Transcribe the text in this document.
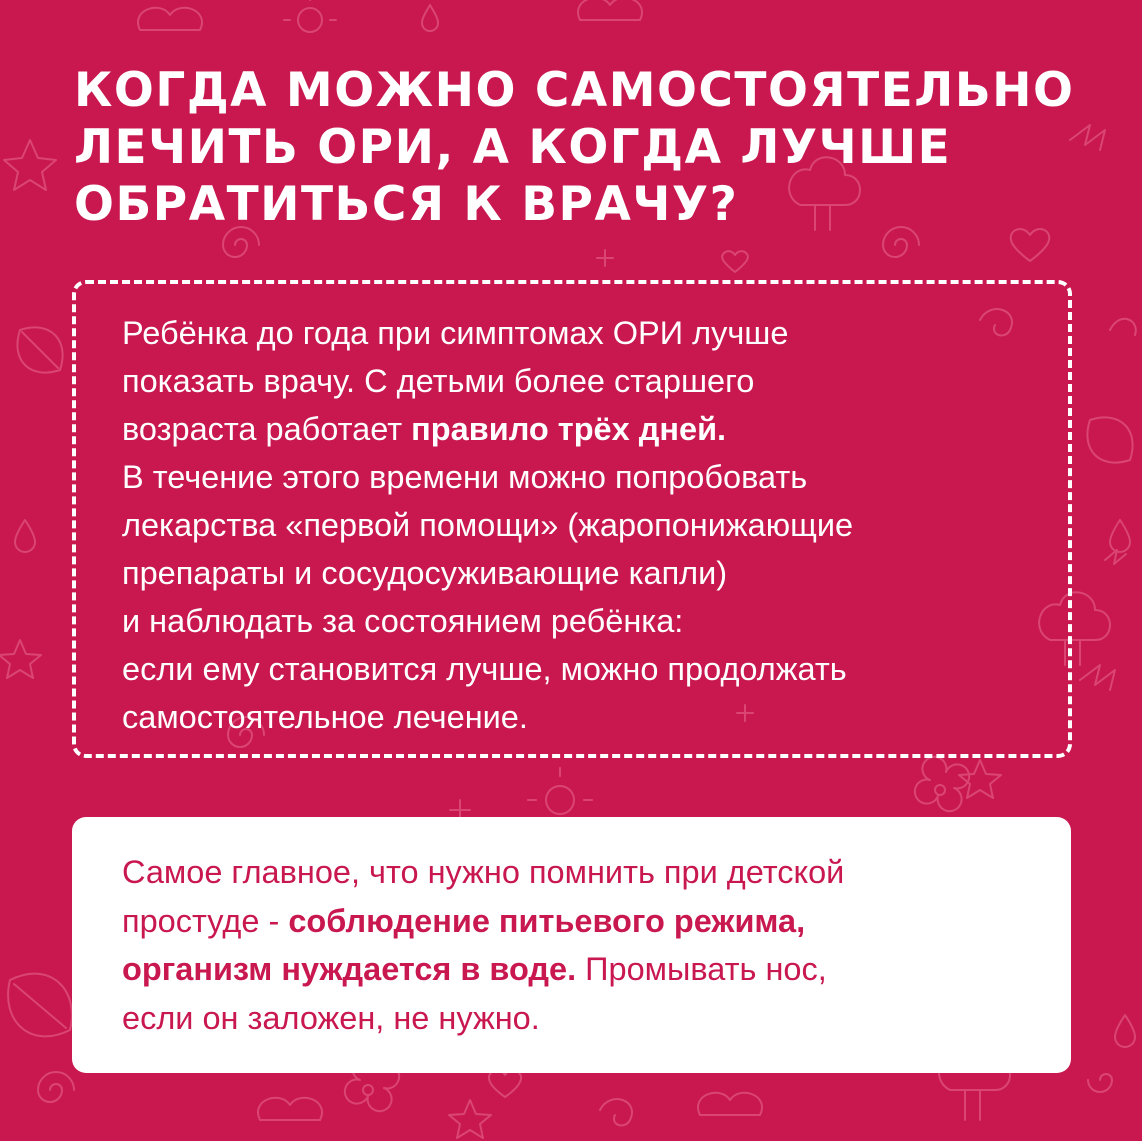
КОГДА МОЖНО САМОСТОЯТЕЛЬНО
ЛЕЧИТЬ ОРИ, А КОГДА ЛУЧШЕ
ОБРАТИТЬСЯ К ВРАЧУ?
Ребёнка до года при симптомах ОРИ лучше
показать врачу. С детьми более старшего
возраста работает правило трёх дней.
В течение этого времени можно попробовать
лекарства «первой помощи» (жаропонижающие
препараты и сосудосуживающие капли)
и наблюдать за состоянием ребёнка:
если ему становится лучше, можно продолжать
самостоятельное лечение.
Самое главное, что нужно помнить при детской
простуде - соблюдение питьевого режима,
организм нуждается в воде. Промывать нос,
если он заложен, не нужно.
